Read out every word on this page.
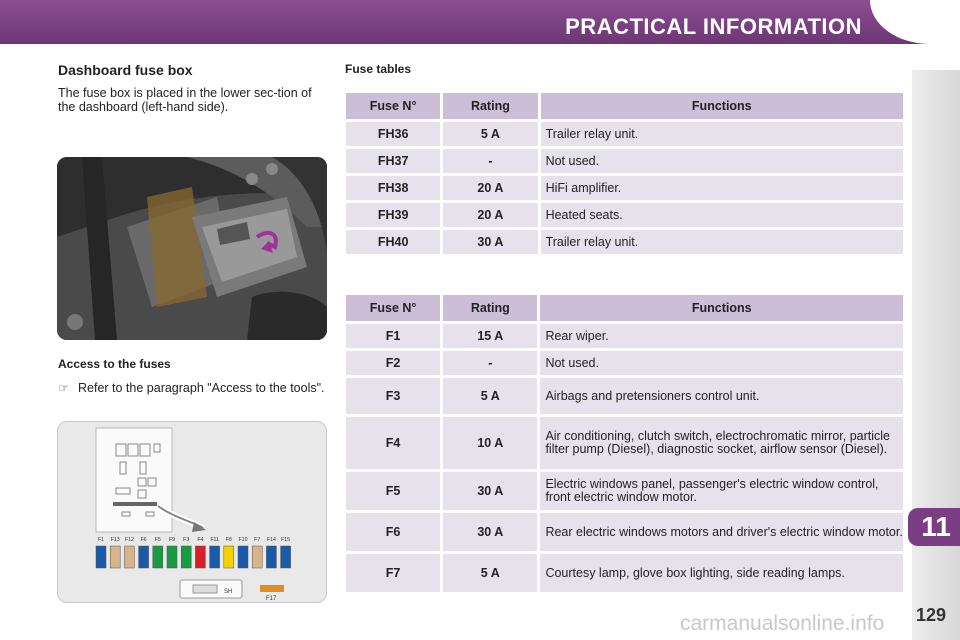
PRACTICAL INFORMATION
11
129
carmanualsonline.info
Dashboard fuse box
The fuse box is placed in the lower sec-tion of the dashboard (left-hand side).
Access to the fuses
☞ Refer to the paragraph "Access to the tools".
F1 F13 F12 F6 F5 F9 F3 F4 F11 F8 F10 F7 F14 F15
SH
F17
Fuse tables
Fuse N°	Rating	Functions
FH36	5 A	Trailer relay unit.
FH37	-	Not used.
FH38	20 A	HiFi amplifier.
FH39	20 A	Heated seats.
FH40	30 A	Trailer relay unit.
Fuse N°	Rating	Functions
F1	15 A	Rear wiper.
F2	-	Not used.
F3	5 A	Airbags and pretensioners control unit.
F4	10 A	Air conditioning, clutch switch, electrochromatic mirror, particle filter pump (Diesel), diagnostic socket, airflow sensor (Diesel).
F5	30 A	Electric windows panel, passenger's electric window control, front electric window motor.
F6	30 A	Rear electric windows motors and driver's electric window motor.
F7	5 A	Courtesy lamp, glove box lighting, side reading lamps.
